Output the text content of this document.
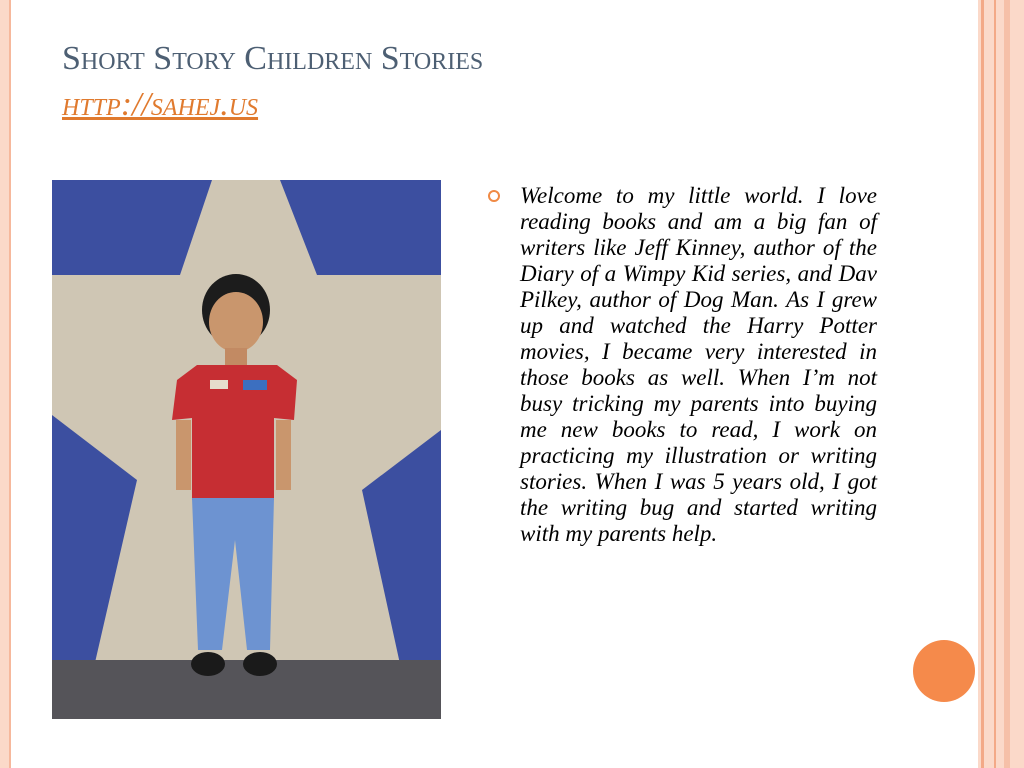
Short Story Children Stories
http://sahej.us
Welcome to my little world. I love reading books and am a big fan of writers like Jeff Kinney, author of the Diary of a Wimpy Kid series, and Dav Pilkey, author of Dog Man. As I grew up and watched the Harry Potter movies, I became very interested in those books as well. When I’m not busy tricking my parents into buying me new books to read, I work on practicing my illustration or writing stories. When I was 5 years old, I got the writing bug and started writing with my parents help.
